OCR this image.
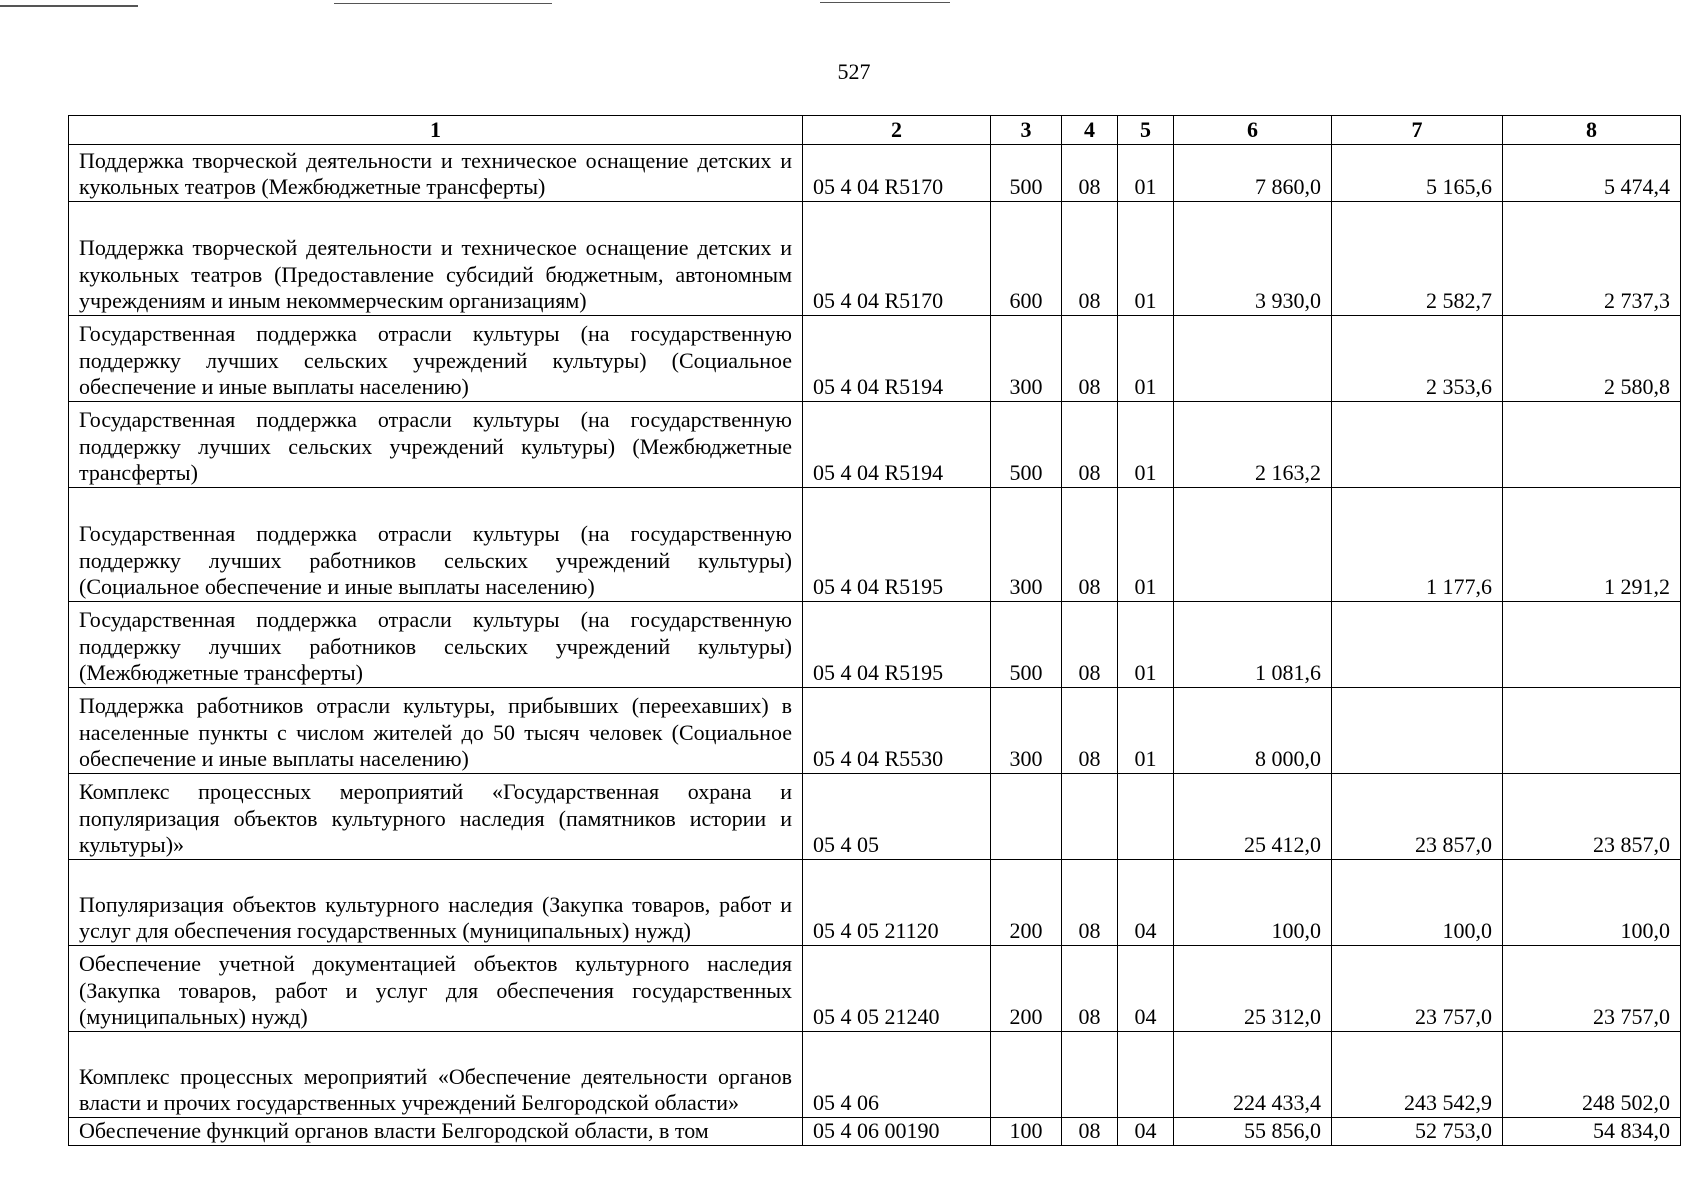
527
1	2	3	4	5	6	7	8
Поддержка творческой деятельности и техническое оснащение детских и кукольных театров (Межбюджетные трансферты)	05 4 04 R5170	500	08	01	7 860,0	5 165,6	5 474,4
Поддержка творческой деятельности и техническое оснащение детских и кукольных театров (Предоставление субсидий бюджетным, автономным учреждениям и иным некоммерческим организациям)	05 4 04 R5170	600	08	01	3 930,0	2 582,7	2 737,3
Государственная поддержка отрасли культуры (на государственную поддержку лучших сельских учреждений культуры) (Социальное обеспечение и иные выплаты населению)	05 4 04 R5194	300	08	01		2 353,6	2 580,8
Государственная поддержка отрасли культуры (на государственную поддержку лучших сельских учреждений культуры) (Межбюджетные трансферты)	05 4 04 R5194	500	08	01	2 163,2		
Государственная поддержка отрасли культуры (на государственную поддержку лучших работников сельских учреждений культуры) (Социальное обеспечение и иные выплаты населению)	05 4 04 R5195	300	08	01		1 177,6	1 291,2
Государственная поддержка отрасли культуры (на государственную поддержку лучших работников сельских учреждений культуры) (Межбюджетные трансферты)	05 4 04 R5195	500	08	01	1 081,6		
Поддержка работников отрасли культуры, прибывших (переехавших) в населенные пункты с числом жителей до 50 тысяч человек (Социальное обеспечение и иные выплаты населению)	05 4 04 R5530	300	08	01	8 000,0		
Комплекс процессных мероприятий «Государственная охрана и популяризация объектов культурного наследия (памятников истории и культуры)»	05 4 05				25 412,0	23 857,0	23 857,0
Популяризация объектов культурного наследия (Закупка товаров, работ и услуг для обеспечения государственных (муниципальных) нужд)	05 4 05 21120	200	08	04	100,0	100,0	100,0
Обеспечение учетной документацией объектов культурного наследия (Закупка товаров, работ и услуг для обеспечения государственных (муниципальных) нужд)	05 4 05 21240	200	08	04	25 312,0	23 757,0	23 757,0
Комплекс процессных мероприятий «Обеспечение деятельности органов власти и прочих государственных учреждений Белгородской области»	05 4 06				224 433,4	243 542,9	248 502,0
Обеспечение функций органов власти Белгородской области, в том	05 4 06 00190	100	08	04	55 856,0	52 753,0	54 834,0
